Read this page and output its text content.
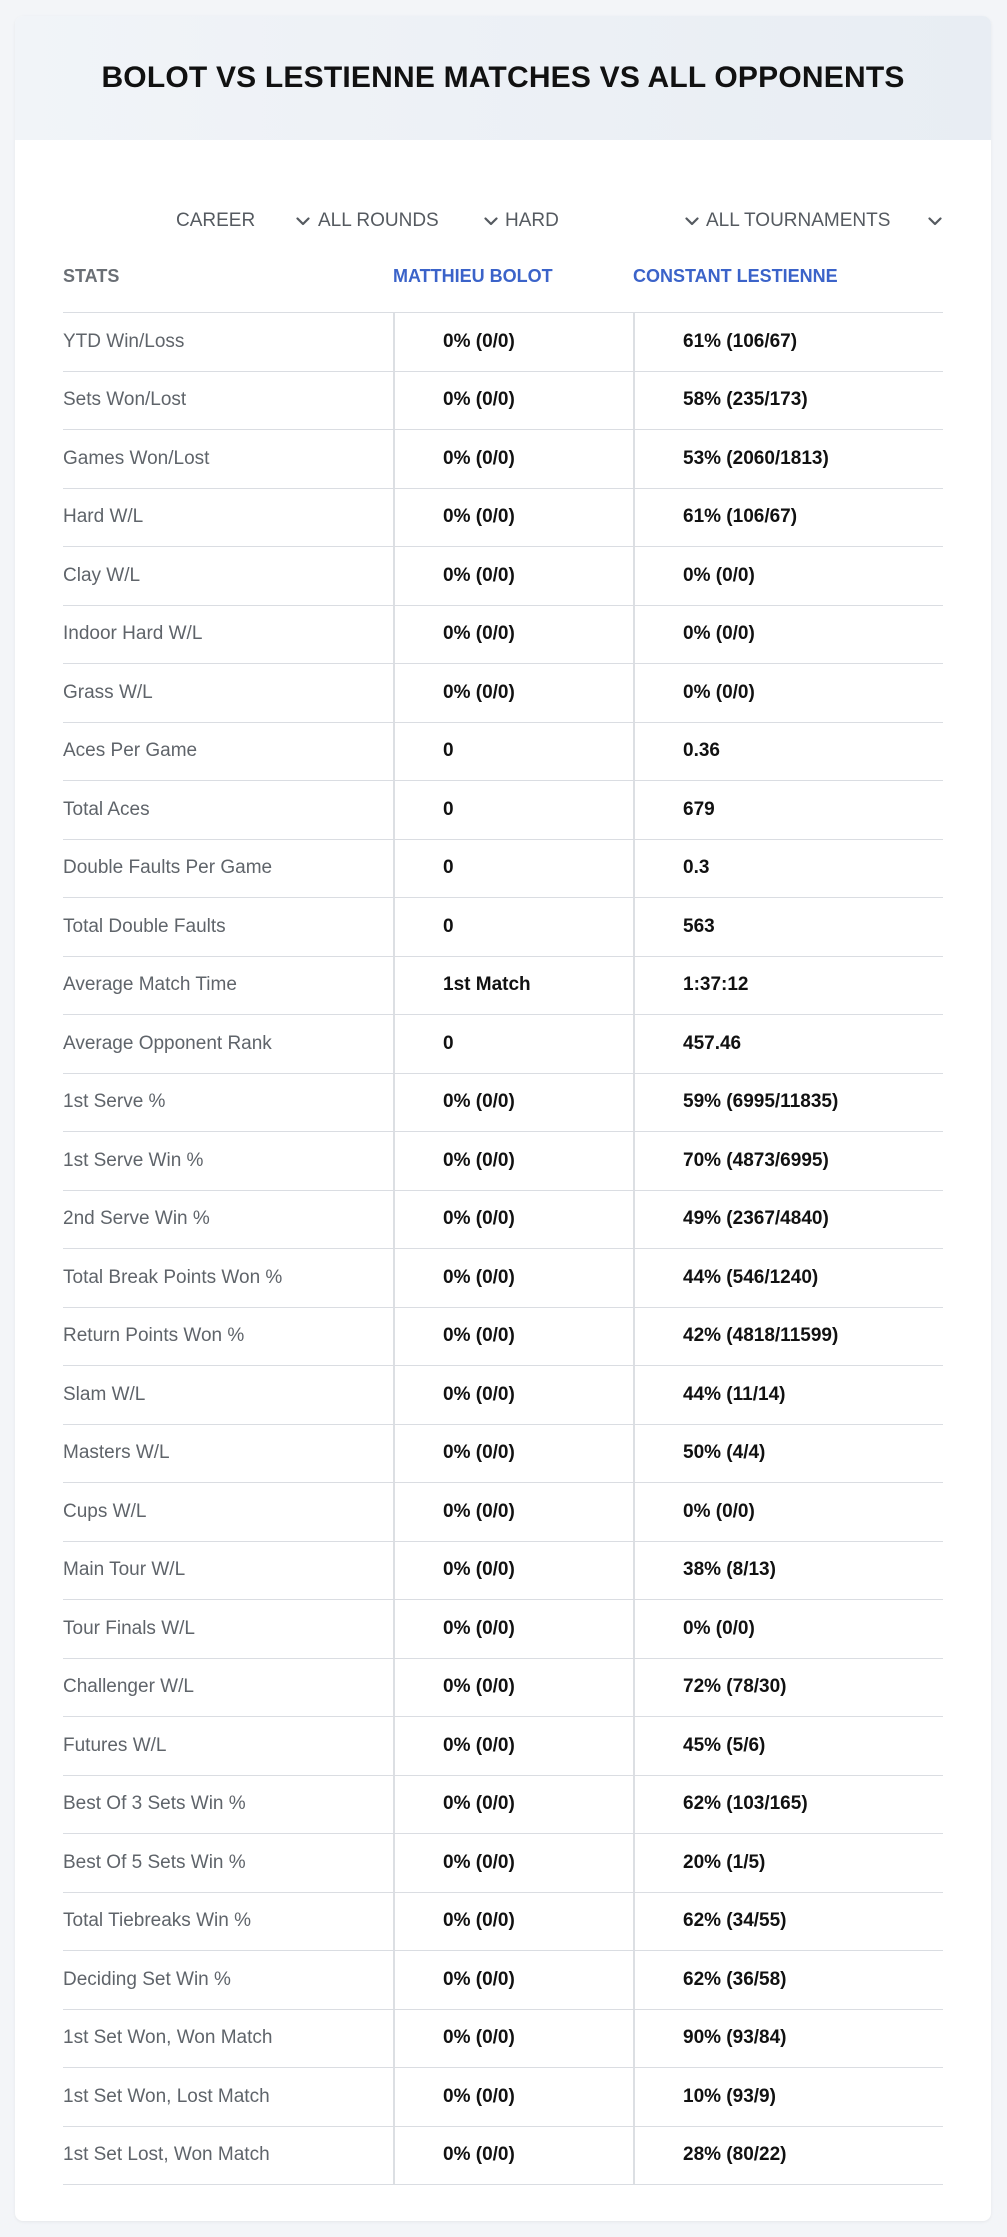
BOLOT VS LESTIENNE MATCHES VS ALL OPPONENTS
CAREER	ALL ROUNDS	HARD	ALL TOURNAMENTS
STATS	MATTHIEU BOLOT	CONSTANT LESTIENNE
YTD Win/Loss	0% (0/0)	61% (106/67)
Sets Won/Lost	0% (0/0)	58% (235/173)
Games Won/Lost	0% (0/0)	53% (2060/1813)
Hard W/L	0% (0/0)	61% (106/67)
Clay W/L	0% (0/0)	0% (0/0)
Indoor Hard W/L	0% (0/0)	0% (0/0)
Grass W/L	0% (0/0)	0% (0/0)
Aces Per Game	0	0.36
Total Aces	0	679
Double Faults Per Game	0	0.3
Total Double Faults	0	563
Average Match Time	1st Match	1:37:12
Average Opponent Rank	0	457.46
1st Serve %	0% (0/0)	59% (6995/11835)
1st Serve Win %	0% (0/0)	70% (4873/6995)
2nd Serve Win %	0% (0/0)	49% (2367/4840)
Total Break Points Won %	0% (0/0)	44% (546/1240)
Return Points Won %	0% (0/0)	42% (4818/11599)
Slam W/L	0% (0/0)	44% (11/14)
Masters W/L	0% (0/0)	50% (4/4)
Cups W/L	0% (0/0)	0% (0/0)
Main Tour W/L	0% (0/0)	38% (8/13)
Tour Finals W/L	0% (0/0)	0% (0/0)
Challenger W/L	0% (0/0)	72% (78/30)
Futures W/L	0% (0/0)	45% (5/6)
Best Of 3 Sets Win %	0% (0/0)	62% (103/165)
Best Of 5 Sets Win %	0% (0/0)	20% (1/5)
Total Tiebreaks Win %	0% (0/0)	62% (34/55)
Deciding Set Win %	0% (0/0)	62% (36/58)
1st Set Won, Won Match	0% (0/0)	90% (93/84)
1st Set Won, Lost Match	0% (0/0)	10% (93/9)
1st Set Lost, Won Match	0% (0/0)	28% (80/22)
